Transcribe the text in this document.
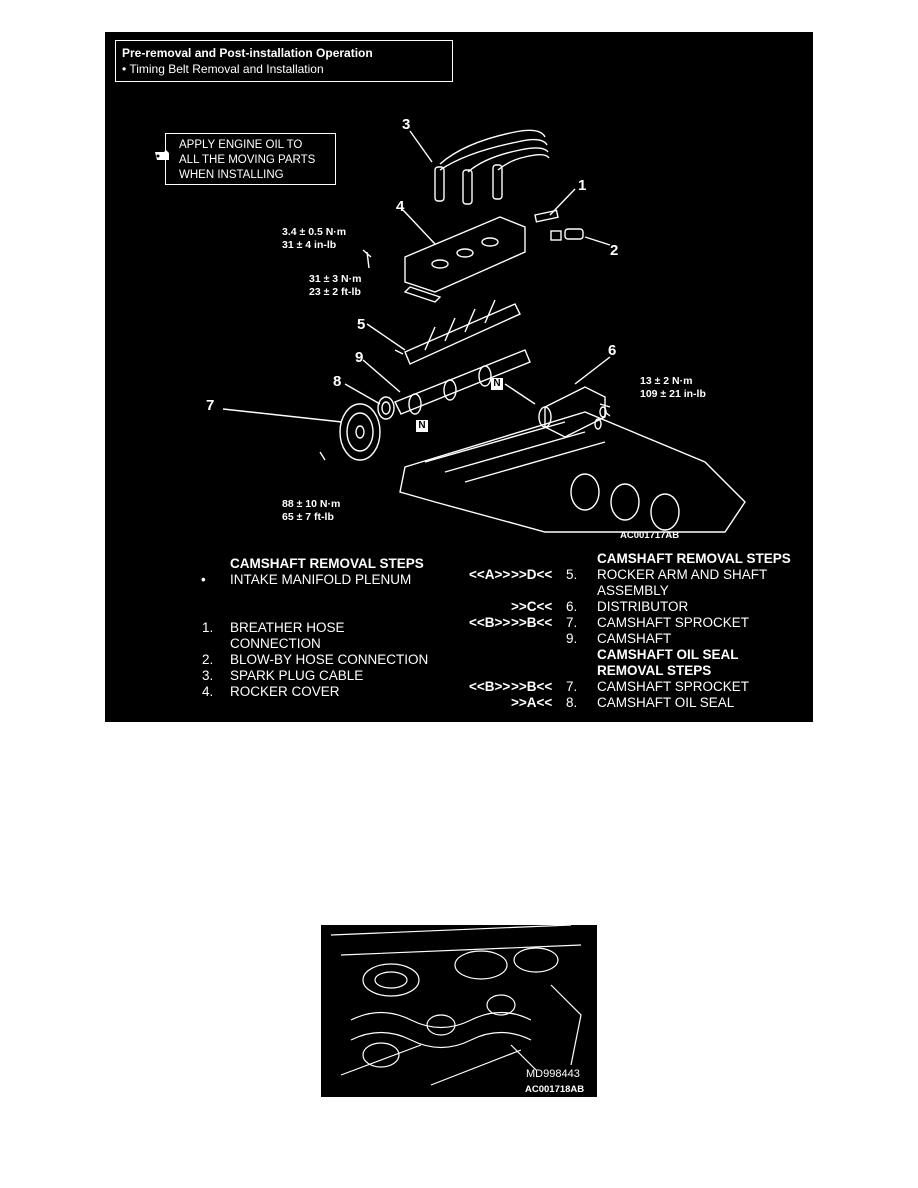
Pre-removal and Post-installation Operation
• Timing Belt Removal and Installation
APPLY ENGINE OIL TO
ALL THE MOVING PARTS
WHEN INSTALLING
3
1
4
2
5
6
9
8
7
N
N
3.4 ± 0.5 N·m
31 ± 4 in-lb
31 ± 3 N·m
23 ± 2 ft-lb
13 ± 2 N·m
109 ± 21 in-lb
88 ± 10 N·m
65 ± 7 ft-lb
AC001717AB
CAMSHAFT REMOVAL STEPS
• INTAKE MANIFOLD PLENUM
1. BREATHER HOSE
CONNECTION
2. BLOW-BY HOSE CONNECTION
3. SPARK PLUG CABLE
4. ROCKER COVER
CAMSHAFT REMOVAL STEPS
<<A>> >>D<< 5. ROCKER ARM AND SHAFT
ASSEMBLY
>>C<< 6. DISTRIBUTOR
<<B>> >>B<< 7. CAMSHAFT SPROCKET
9. CAMSHAFT
CAMSHAFT OIL SEAL
REMOVAL STEPS
<<B>> >>B<< 7. CAMSHAFT SPROCKET
>>A<< 8. CAMSHAFT OIL SEAL
MD998443
AC001718AB
